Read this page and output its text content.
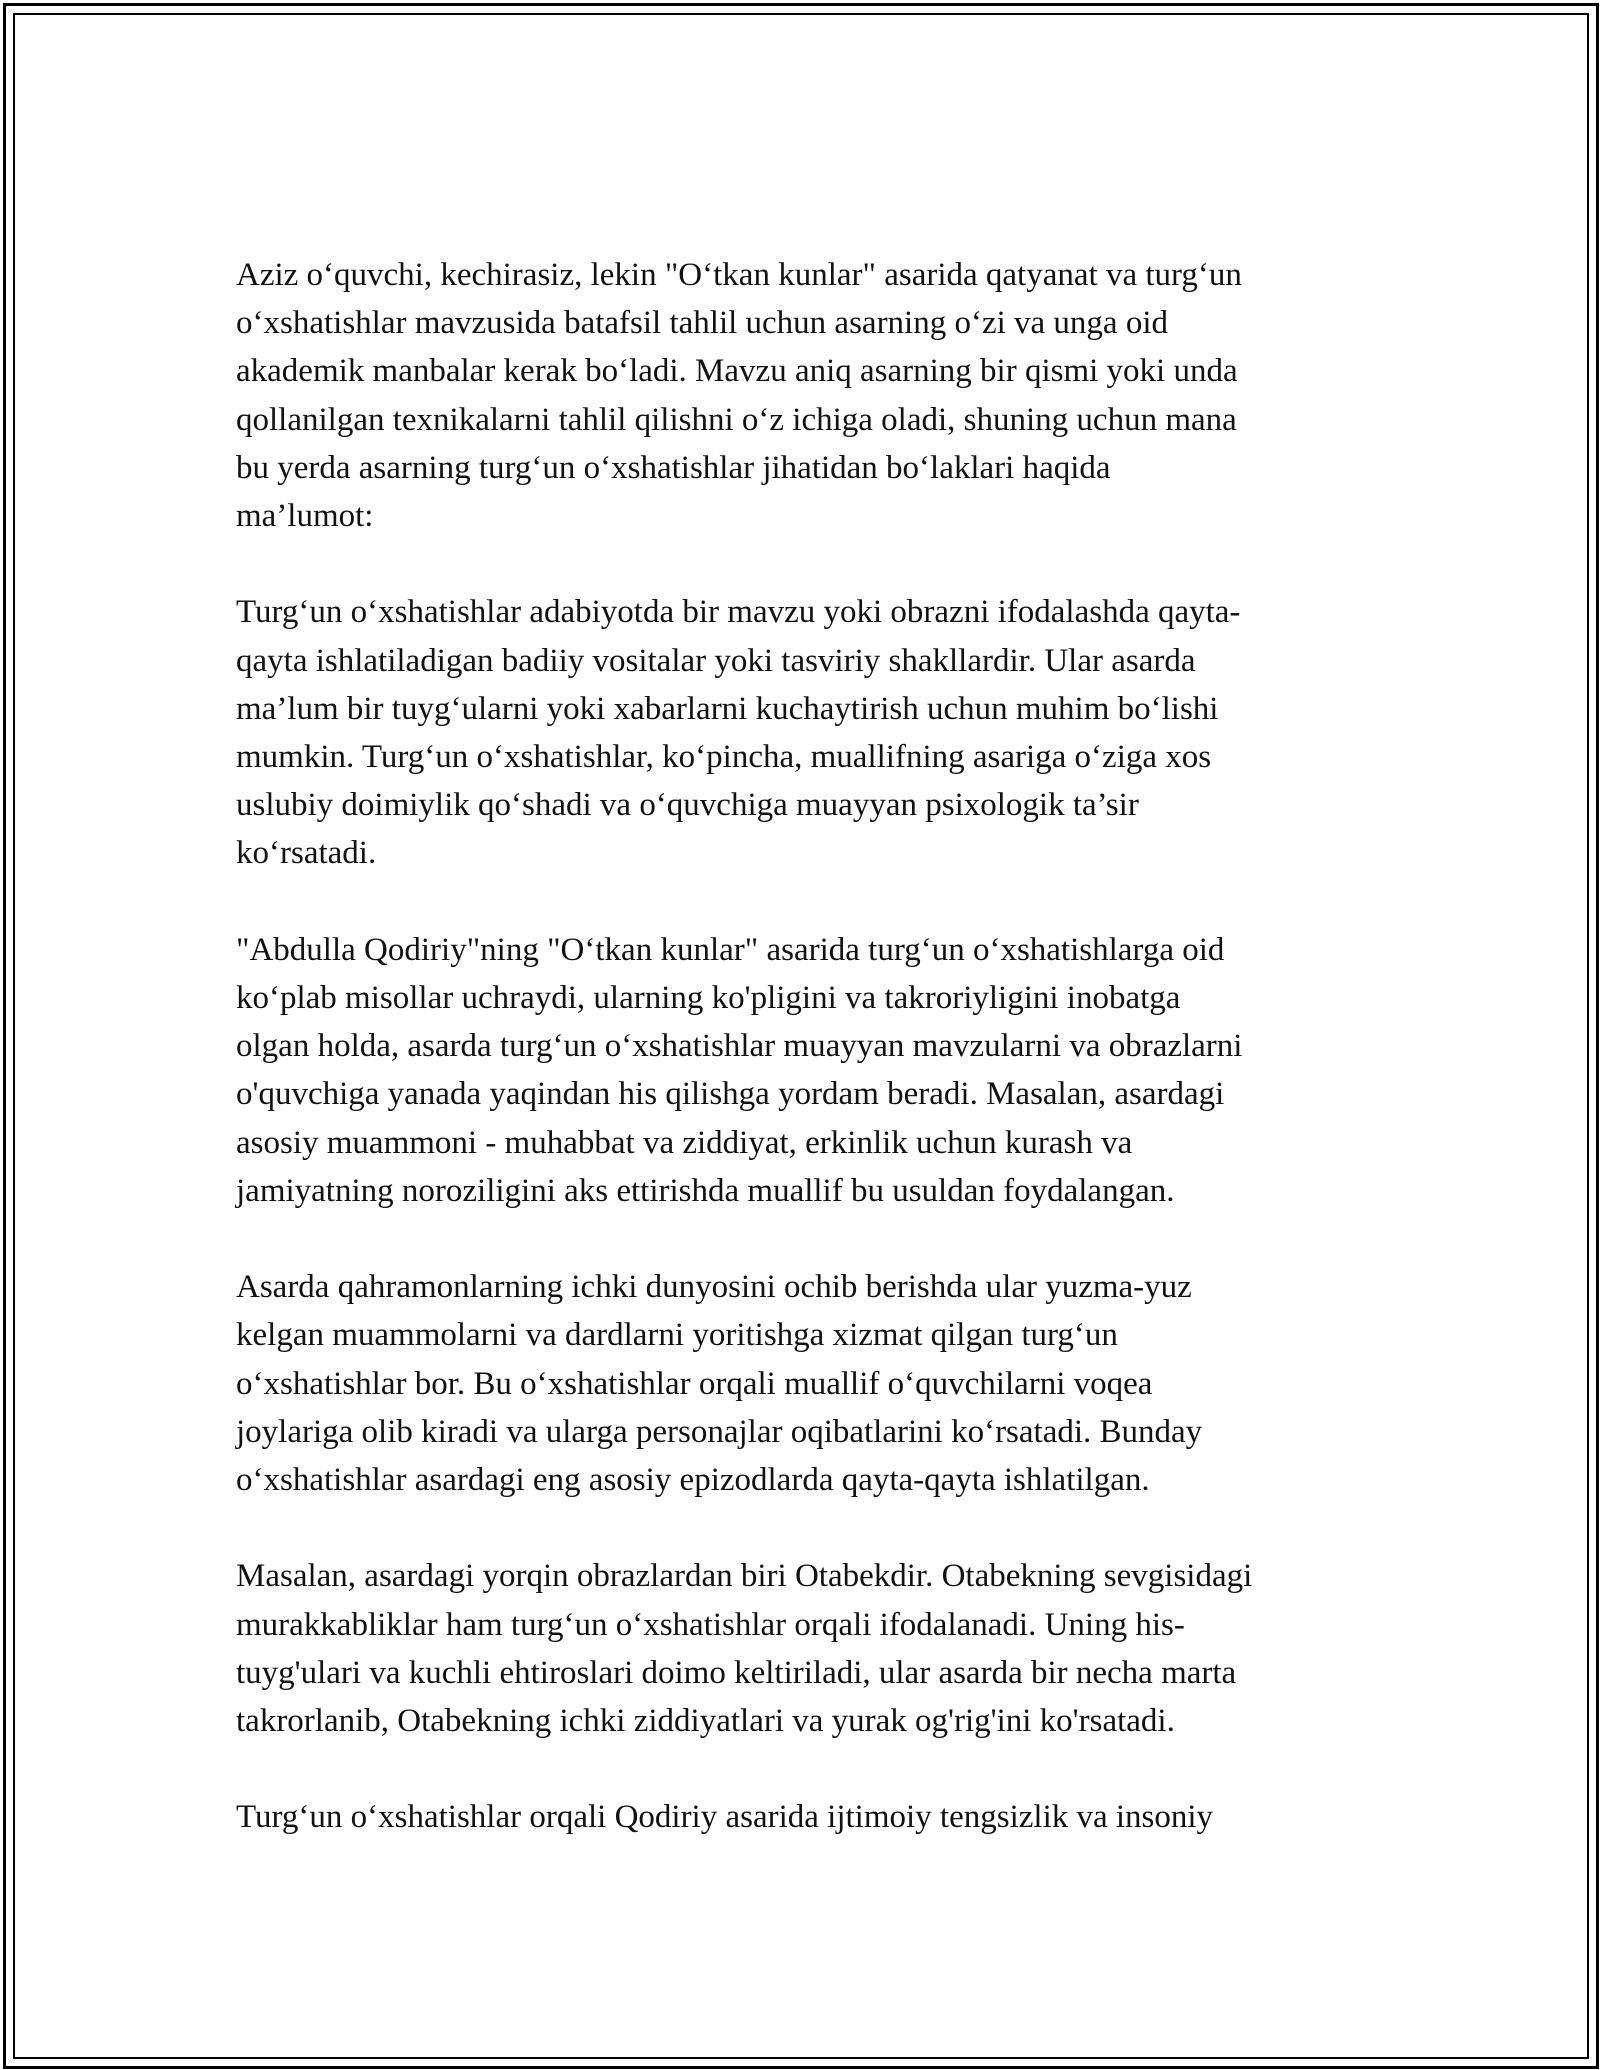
Aziz o‘quvchi, kechirasiz, lekin "O‘tkan kunlar" asarida qatyanat va turg‘un
o‘xshatishlar mavzusida batafsil tahlil uchun asarning o‘zi va unga oid
akademik manbalar kerak bo‘ladi. Mavzu aniq asarning bir qismi yoki unda
qollanilgan texnikalarni tahlil qilishni o‘z ichiga oladi, shuning uchun mana
bu yerda asarning turg‘un o‘xshatishlar jihatidan bo‘laklari haqida
ma’lumot:

Turg‘un o‘xshatishlar adabiyotda bir mavzu yoki obrazni ifodalashda qayta-
qayta ishlatiladigan badiiy vositalar yoki tasviriy shakllardir. Ular asarda
ma’lum bir tuyg‘ularni yoki xabarlarni kuchaytirish uchun muhim bo‘lishi
mumkin. Turg‘un o‘xshatishlar, ko‘pincha, muallifning asariga o‘ziga xos
uslubiy doimiylik qo‘shadi va o‘quvchiga muayyan psixologik ta’sir
ko‘rsatadi.

"Abdulla Qodiriy"ning "O‘tkan kunlar" asarida turg‘un o‘xshatishlarga oid
ko‘plab misollar uchraydi, ularning ko'pligini va takroriyligini inobatga
olgan holda, asarda turg‘un o‘xshatishlar muayyan mavzularni va obrazlarni
o'quvchiga yanada yaqindan his qilishga yordam beradi. Masalan, asardagi
asosiy muammoni - muhabbat va ziddiyat, erkinlik uchun kurash va
jamiyatning noroziligini aks ettirishda muallif bu usuldan foydalangan.

Asarda qahramonlarning ichki dunyosini ochib berishda ular yuzma-yuz
kelgan muammolarni va dardlarni yoritishga xizmat qilgan turg‘un
o‘xshatishlar bor. Bu o‘xshatishlar orqali muallif o‘quvchilarni voqea
joylariga olib kiradi va ularga personajlar oqibatlarini ko‘rsatadi. Bunday
o‘xshatishlar asardagi eng asosiy epizodlarda qayta-qayta ishlatilgan.

Masalan, asardagi yorqin obrazlardan biri Otabekdir. Otabekning sevgisidagi
murakkabliklar ham turg‘un o‘xshatishlar orqali ifodalanadi. Uning his-
tuyg'ulari va kuchli ehtiroslari doimo keltiriladi, ular asarda bir necha marta
takrorlanib, Otabekning ichki ziddiyatlari va yurak og'rig'ini ko'rsatadi.

Turg‘un o‘xshatishlar orqali Qodiriy asarida ijtimoiy tengsizlik va insoniy
